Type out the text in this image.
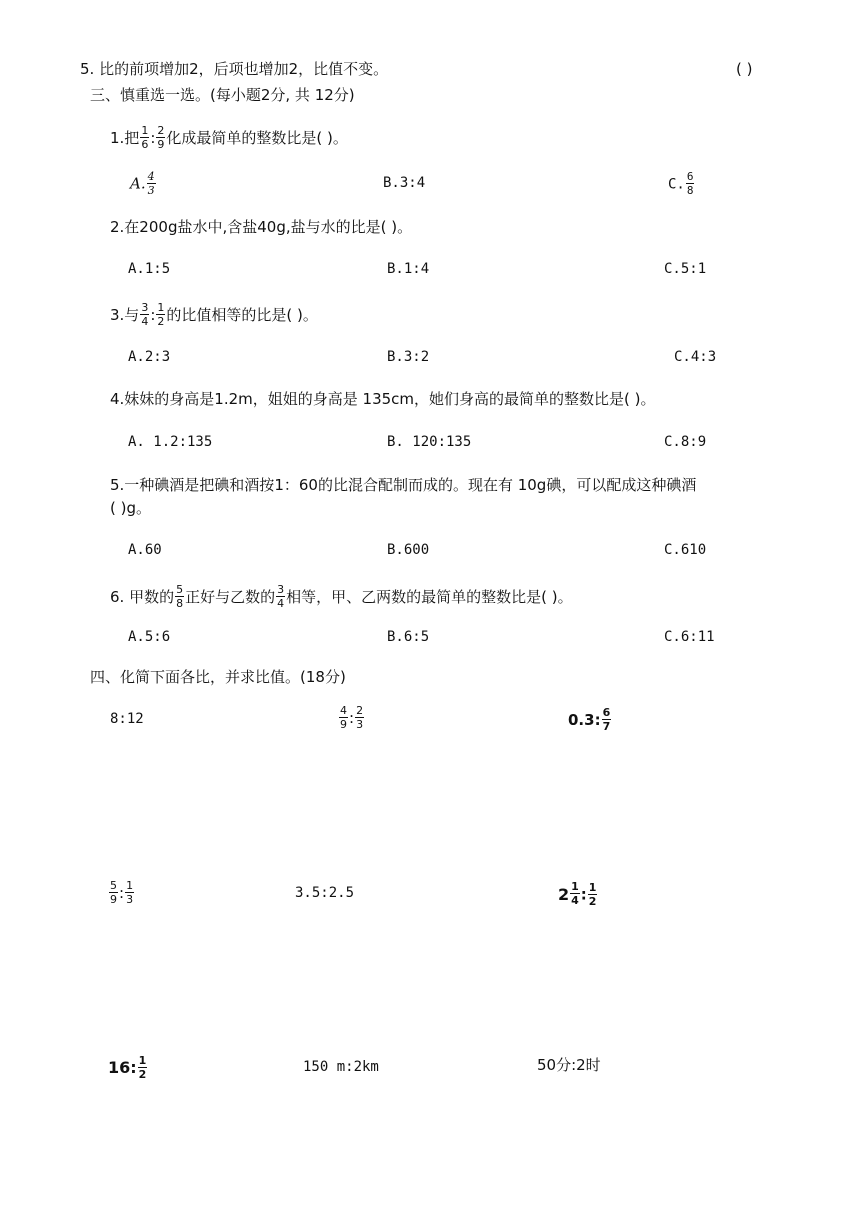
5. 比的前项增加2，后项也增加2，比值不变。	( )
三、慎重选一选。(每小题2分, 共 12分)
1.把 $\frac{1}{6}$ : $\frac{2}{9}$ 化成最简单的整数比是( )。
A. $\frac{4}{3}$	B.3:4	C. $\frac{6}{8}$
2.在200g盐水中,含盐40g,盐与水的比是( )。
A.1:5	B.1:4	C.5:1
3.与 $\frac{3}{4}$ : $\frac{1}{2}$ 的比值相等的比是( )。
A.2:3	B.3:2	C.4:3
4.妹妹的身高是1.2m，姐姐的身高是 135cm，她们身高的最简单的整数比是( )。
A. 1.2:135	B. 120:135	C.8:9
5.一种碘酒是把碘和酒按1：60的比混合配制而成的。现在有 10g碘，可以配成这种碘酒
( )g。
A.60	B.600	C.610
6. 甲数的 $\frac{5}{8}$ 正好与乙数的 $\frac{3}{4}$ 相等，甲、乙两数的最简单的整数比是( )。
A.5:6	B.6:5	C.6:11
四、化简下面各比，并求比值。(18分)
8:12	$\frac{4}{9}$ : $\frac{2}{3}$	0.3: $\frac{6}{7}$
$\frac{5}{9}$ : $\frac{1}{3}$	3.5:2.5	$2 \frac{1}{4}$ : $\frac{1}{2}$
16: $\frac{1}{2}$	150 m:2km	50分:2时
